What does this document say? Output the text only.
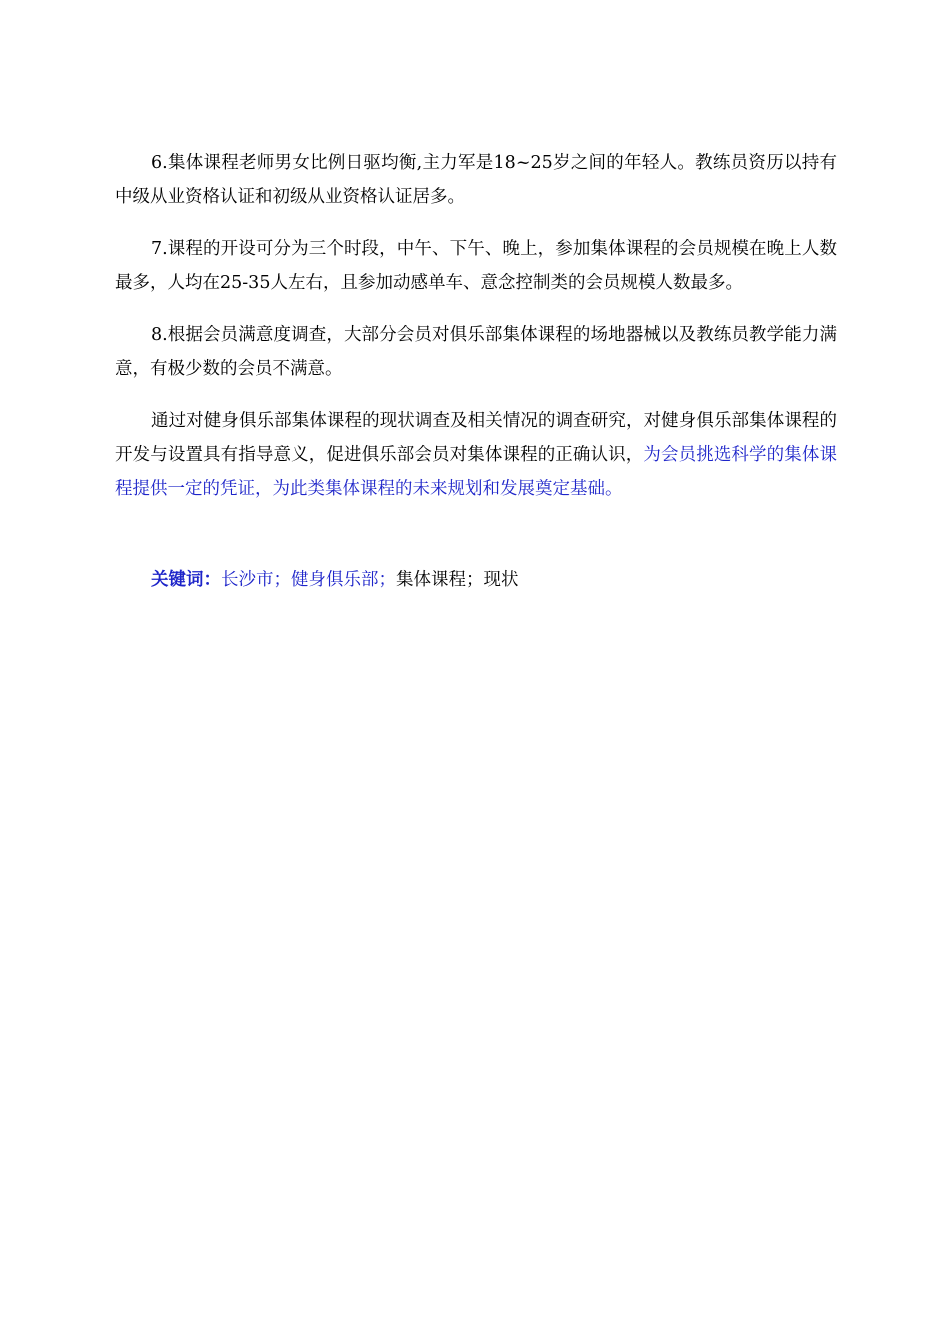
6.集体课程老师男女比例日驱均衡,主力军是18~25岁之间的年轻人。教练员资历以持有中级从业资格认证和初级从业资格认证居多。

7.课程的开设可分为三个时段，中午、下午、晚上，参加集体课程的会员规模在晚上人数最多，人均在25-35人左右，且参加动感单车、意念控制类的会员规模人数最多。

8.根据会员满意度调查，大部分会员对俱乐部集体课程的场地器械以及教练员教学能力满意，有极少数的会员不满意。

通过对健身俱乐部集体课程的现状调查及相关情况的调查研究，对健身俱乐部集体课程的开发与设置具有指导意义，促进俱乐部会员对集体课程的正确认识，为会员挑选科学的集体课程提供一定的凭证，为此类集体课程的未来规划和发展奠定基础。

关键词：长沙市；健身俱乐部；集体课程；现状
